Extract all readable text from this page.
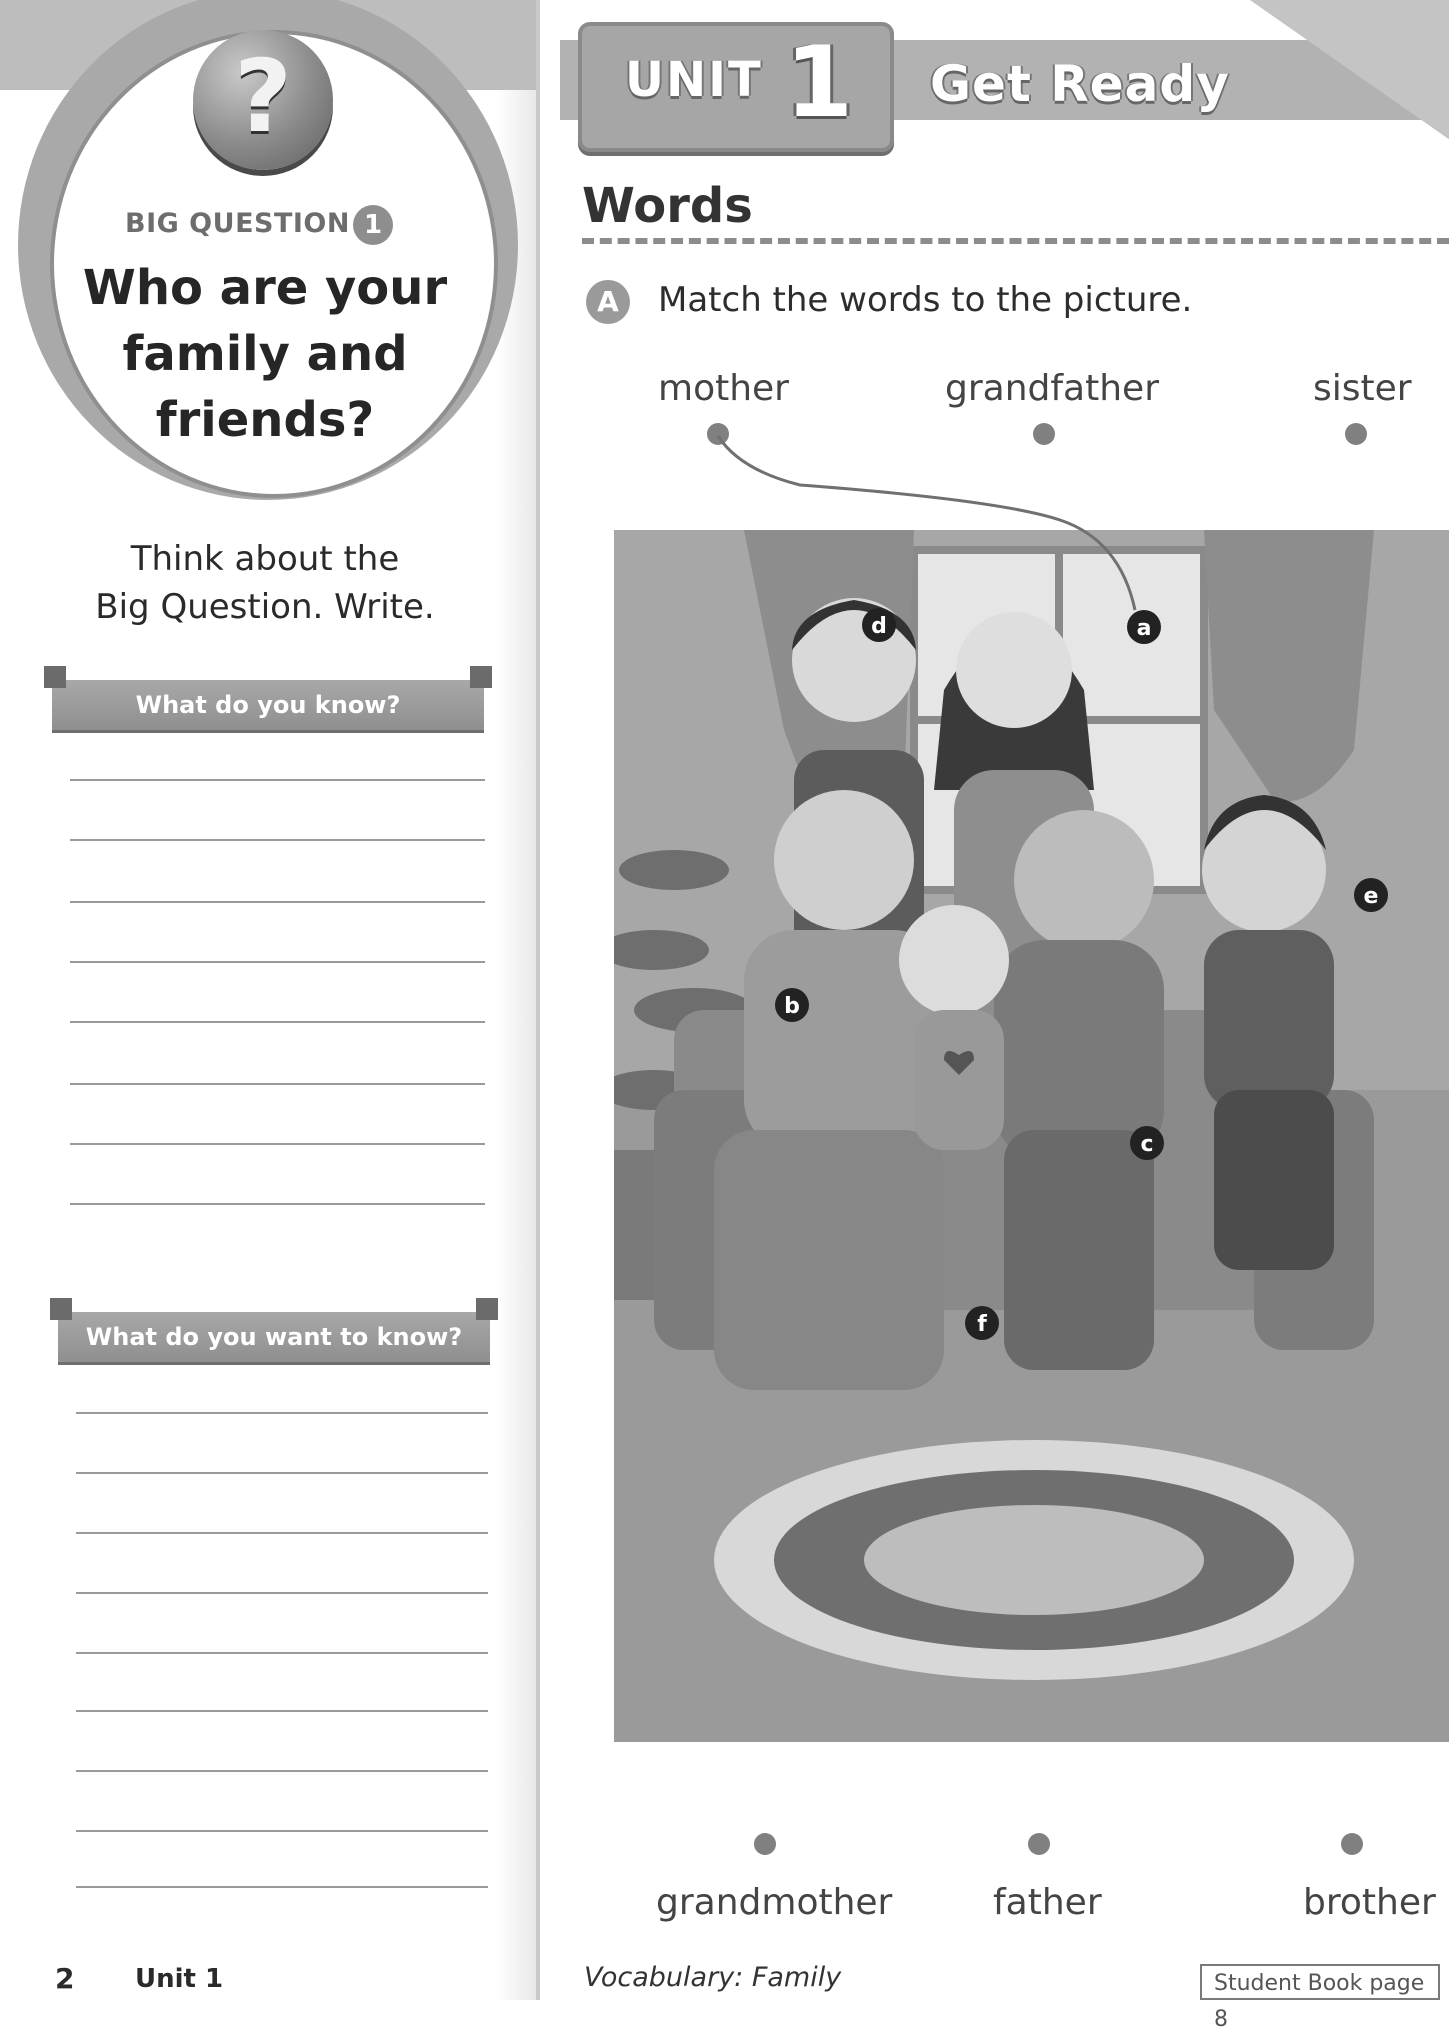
?
BIG QUESTION 1
Who are your
family and
friends?
Think about the
Big Question. Write.
What do you know?
What do you want to know?
2 Unit 1
UNIT 1 Get Ready
Words
A	Match the words to the picture.
mother	grandfather	sister
d	a
e
b
c
f
grandmother	father	brother
Vocabulary: Family	Student Book page 8
